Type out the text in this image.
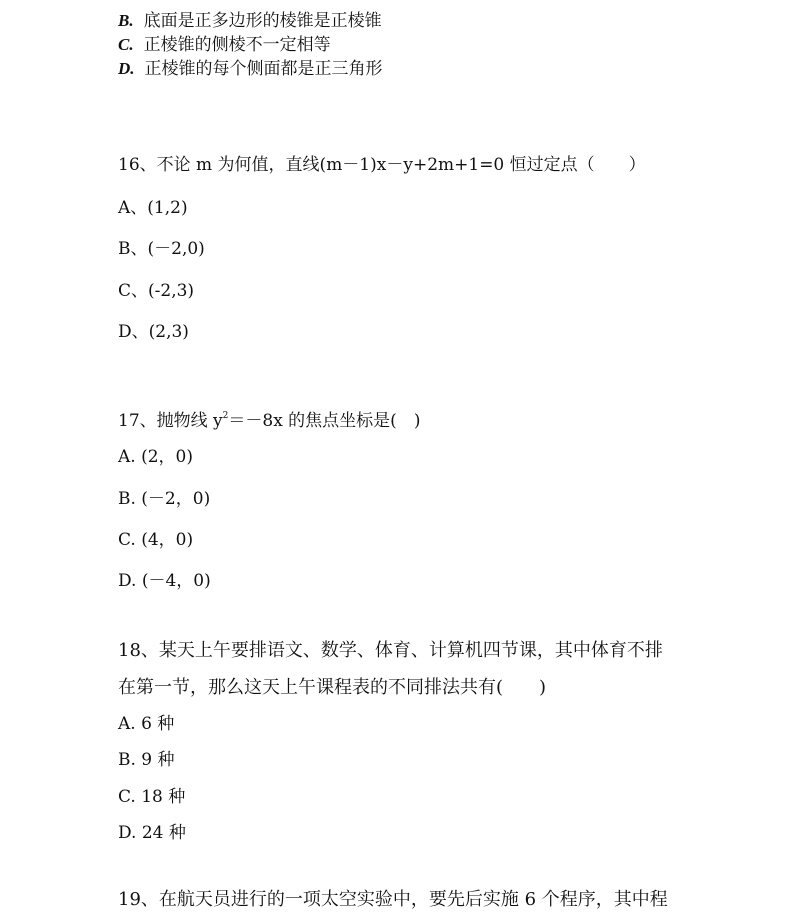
B. 底面是正多边形的棱锥是正棱锥
C. 正棱锥的侧棱不一定相等
D. 正棱锥的每个侧面都是正三角形
16、不论 m 为何值，直线(m－1)x－y+2m+1=0 恒过定点（　　）
A、(1,2)
B、(－2,0)
C、(-2,3)
D、(2,3)
17、抛物线 $y^2=-8x$ 的焦点坐标是(　)
A. (2，0)
B. (－2，0)
C. (4，0)
D. (－4，0)
18、某天上午要排语文、数学、体育、计算机四节课，其中体育不排
在第一节，那么这天上午课程表的不同排法共有(　　)
A. 6 种
B. 9 种
C. 18 种
D. 24 种
19、在航天员进行的一项太空实验中，要先后实施 6 个程序，其中程
